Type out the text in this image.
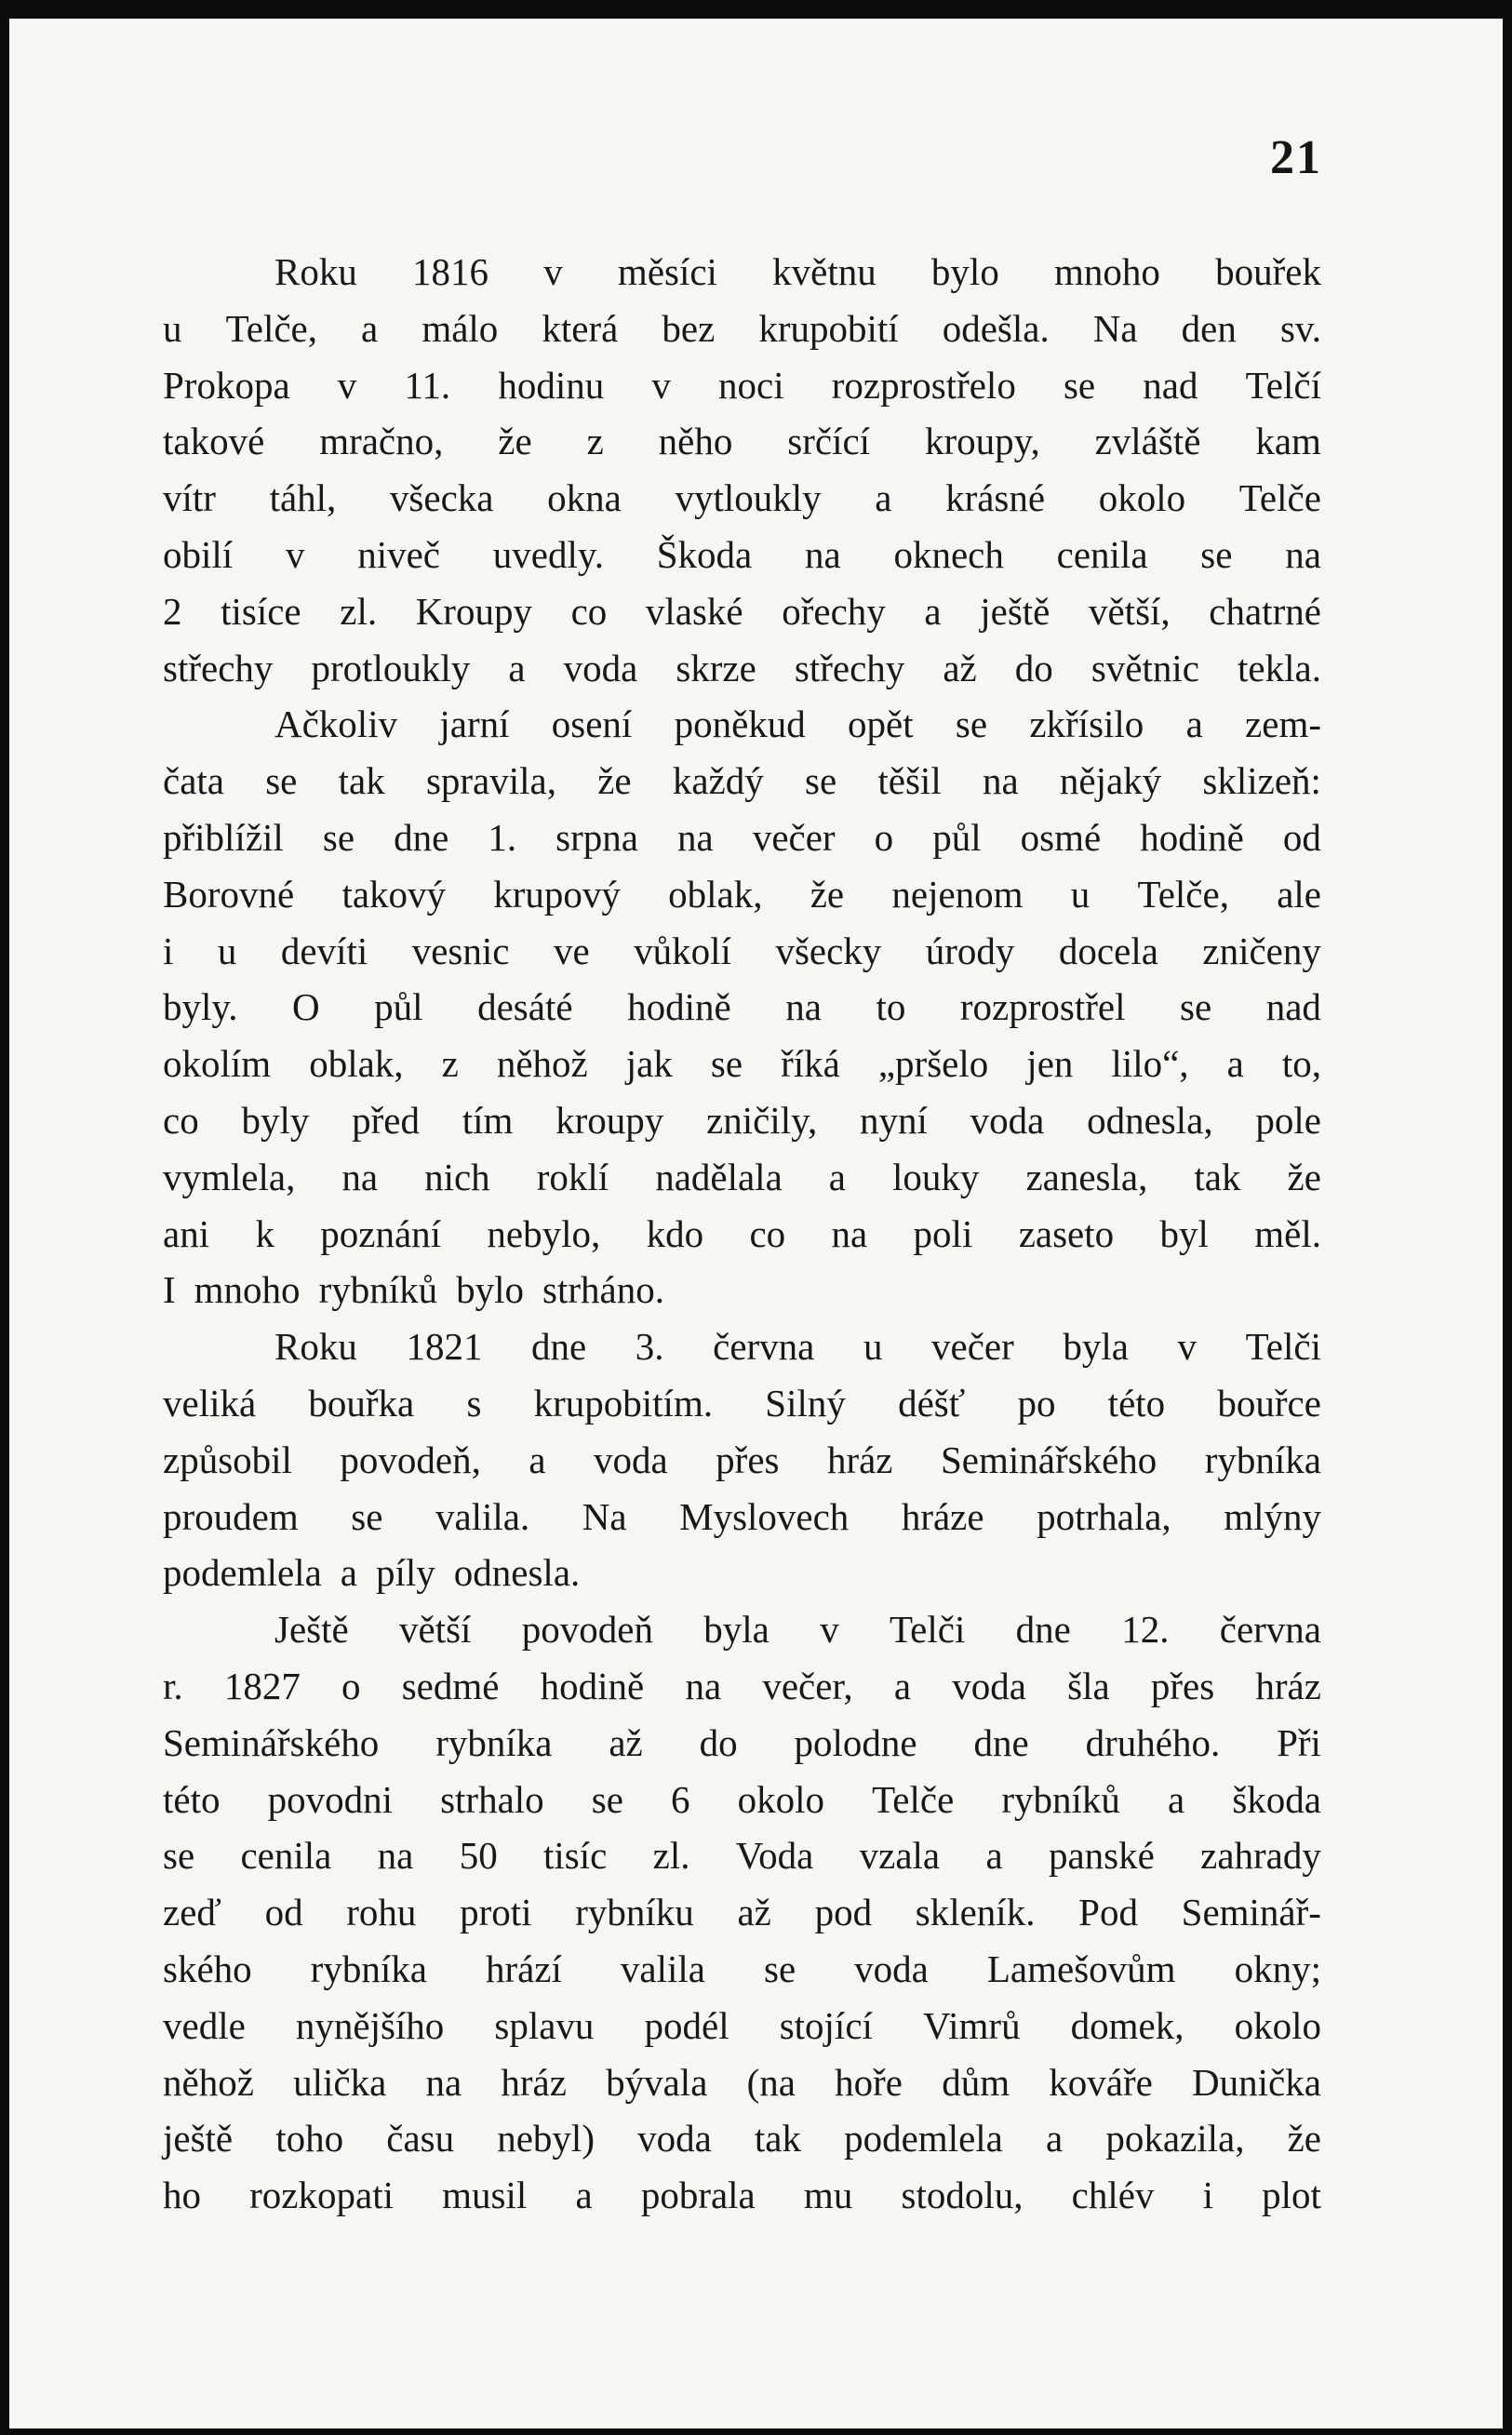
21
Roku 1816 v měsíci květnu bylo mnoho bouřek
u Telče, a málo která bez krupobití odešla. Na den sv.
Prokopa v 11. hodinu v noci rozprostřelo se nad Telčí
takové mračno, že z něho srčící kroupy, zvláště kam
vítr táhl, všecka okna vytloukly a krásné okolo Telče
obilí v niveč uvedly. Škoda na oknech cenila se na
2 tisíce zl. Kroupy co vlaské ořechy a ještě větší, chatrné
střechy protloukly a voda skrze střechy až do světnic tekla.
Ačkoliv jarní osení poněkud opět se zkřísilo a zem-
čata se tak spravila, že každý se těšil na nějaký sklizeň:
přiblížil se dne 1. srpna na večer o půl osmé hodině od
Borovné takový krupový oblak, že nejenom u Telče, ale
i u devíti vesnic ve vůkolí všecky úrody docela zničeny
byly. O půl desáté hodině na to rozprostřel se nad
okolím oblak, z něhož jak se říká „pršelo jen lilo“, a to,
co byly před tím kroupy zničily, nyní voda odnesla, pole
vymlela, na nich roklí nadělala a louky zanesla, tak že
ani k poznání nebylo, kdo co na poli zaseto byl měl.
I mnoho rybníků bylo strháno.
Roku 1821 dne 3. června u večer byla v Telči
veliká bouřka s krupobitím. Silný déšť po této bouřce
způsobil povodeň, a voda přes hráz Seminářského rybníka
proudem se valila. Na Myslovech hráze potrhala, mlýny
podemlela a píly odnesla.
Ještě větší povodeň byla v Telči dne 12. června
r. 1827 o sedmé hodině na večer, a voda šla přes hráz
Seminářského rybníka až do polodne dne druhého. Při
této povodni strhalo se 6 okolo Telče rybníků a škoda
se cenila na 50 tisíc zl. Voda vzala a panské zahrady
zeď od rohu proti rybníku až pod skleník. Pod Seminář-
ského rybníka hrází valila se voda Lamešovům okny;
vedle nynějšího splavu podél stojící Vimrů domek, okolo
něhož ulička na hráz bývala (na hoře dům kováře Dunička
ještě toho času nebyl) voda tak podemlela a pokazila, že
ho rozkopati musil a pobrala mu stodolu, chlév i plot
